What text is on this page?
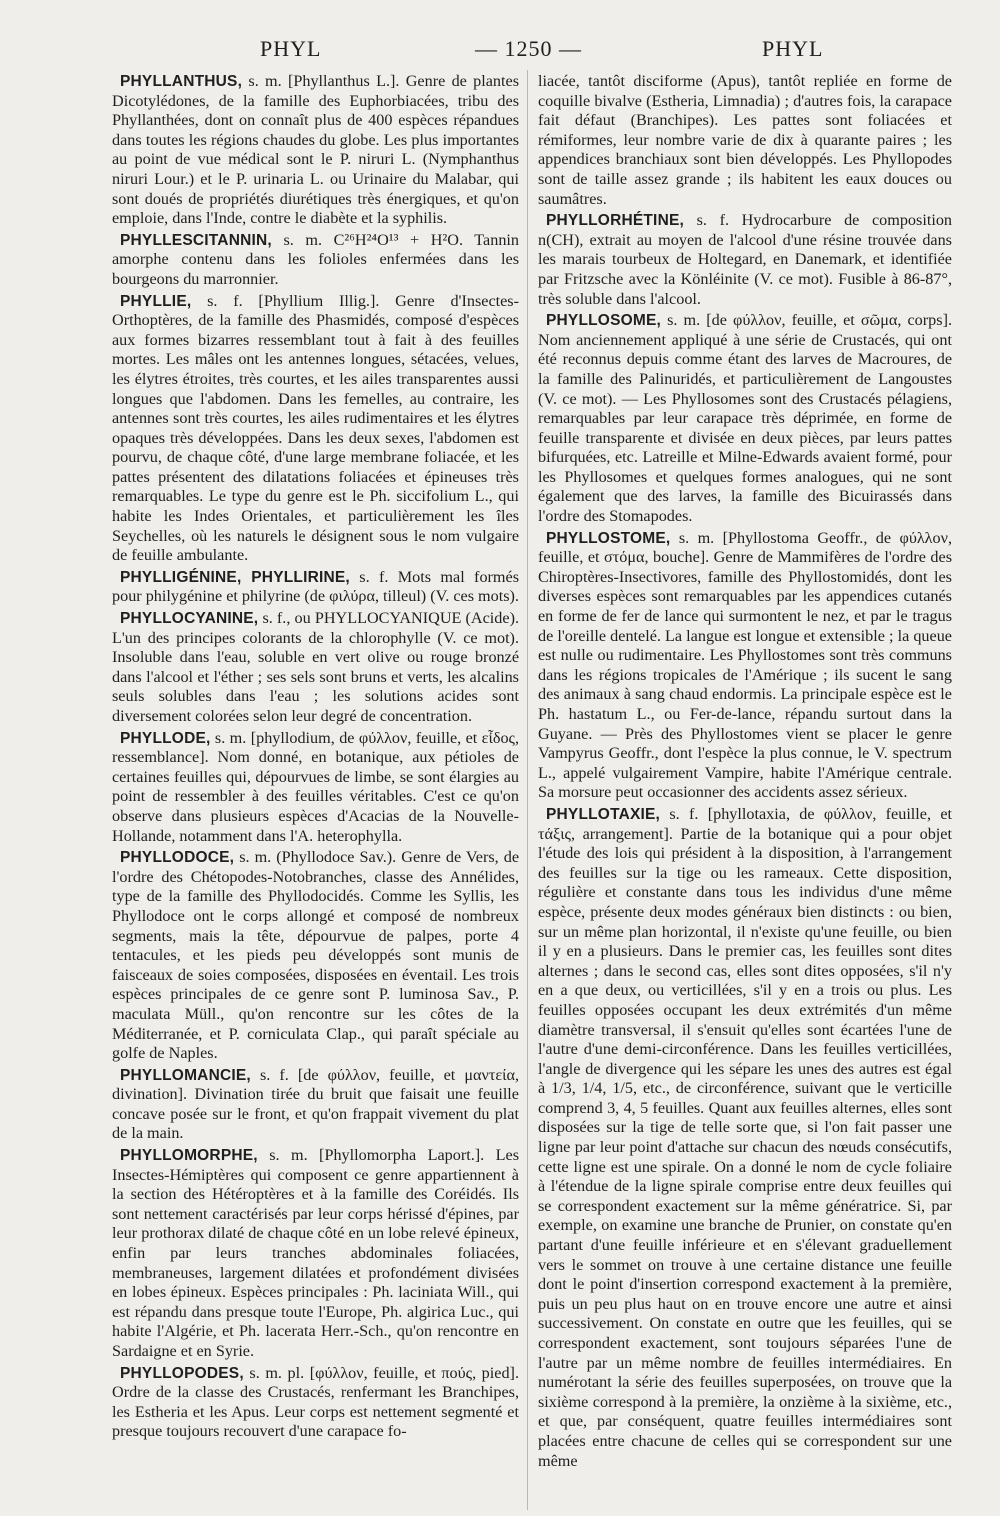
PHYL	— 1250 —	PHYL

PHYLLANTHUS, s. m. [Phyllanthus L.]. Genre de plantes Dicotylédones, de la famille des Euphorbiacées, tribu des Phyllanthées, dont on connaît plus de 400 espèces répandues dans toutes les régions chaudes du globe. Les plus importantes au point de vue médical sont le P. niruri L. (Nymphanthus niruri Lour.) et le P. urinaria L. ou Urinaire du Malabar, qui sont doués de propriétés diurétiques très énergiques, et qu'on emploie, dans l'Inde, contre le diabète et la syphilis.

PHYLLESCITANNIN, s. m. C²⁶H²⁴O¹³ + H²O. Tannin amorphe contenu dans les folioles enfermées dans les bourgeons du marronnier.

PHYLLIE, s. f. [Phyllium Illig.]. Genre d'Insectes-Orthoptères, de la famille des Phasmidés, composé d'espèces aux formes bizarres ressemblant tout à fait à des feuilles mortes. Les mâles ont les antennes longues, sétacées, velues, les élytres étroites, très courtes, et les ailes transparentes aussi longues que l'abdomen. Dans les femelles, au contraire, les antennes sont très courtes, les ailes rudimentaires et les élytres opaques très développées. Dans les deux sexes, l'abdomen est pourvu, de chaque côté, d'une large membrane foliacée, et les pattes présentent des dilatations foliacées et épineuses très remarquables. Le type du genre est le Ph. siccifolium L., qui habite les Indes Orientales, et particulièrement les îles Seychelles, où les naturels le désignent sous le nom vulgaire de feuille ambulante.

PHYLLIGÉNINE, PHYLLIRINE, s. f. Mots mal formés pour philygénine et philyrine (de φιλύρα, tilleul) (V. ces mots).

PHYLLOCYANINE, s. f., ou PHYLLOCYANIQUE (Acide). L'un des principes colorants de la chlorophylle (V. ce mot). Insoluble dans l'eau, soluble en vert olive ou rouge bronzé dans l'alcool et l'éther ; ses sels sont bruns et verts, les alcalins seuls solubles dans l'eau ; les solutions acides sont diversement colorées selon leur degré de concentration.

PHYLLODE, s. m. [phyllodium, de φύλλον, feuille, et εἶδος, ressemblance]. Nom donné, en botanique, aux pétioles de certaines feuilles qui, dépourvues de limbe, se sont élargies au point de ressembler à des feuilles véritables. C'est ce qu'on observe dans plusieurs espèces d'Acacias de la Nouvelle-Hollande, notamment dans l'A. heterophylla.

PHYLLODOCE, s. m. (Phyllodoce Sav.). Genre de Vers, de l'ordre des Chétopodes-Notobranches, classe des Annélides, type de la famille des Phyllodocidés. Comme les Syllis, les Phyllodoce ont le corps allongé et composé de nombreux segments, mais la tête, dépourvue de palpes, porte 4 tentacules, et les pieds peu développés sont munis de faisceaux de soies composées, disposées en éventail. Les trois espèces principales de ce genre sont P. luminosa Sav., P. maculata Müll., qu'on rencontre sur les côtes de la Méditerranée, et P. corniculata Clap., qui paraît spéciale au golfe de Naples.

PHYLLOMANCIE, s. f. [de φύλλον, feuille, et μαντεία, divination]. Divination tirée du bruit que faisait une feuille concave posée sur le front, et qu'on frappait vivement du plat de la main.

PHYLLOMORPHE, s. m. [Phyllomorpha Laport.]. Les Insectes-Hémiptères qui composent ce genre appartiennent à la section des Hétéroptères et à la famille des Coréidés. Ils sont nettement caractérisés par leur corps hérissé d'épines, par leur prothorax dilaté de chaque côté en un lobe relevé épineux, enfin par leurs tranches abdominales foliacées, membraneuses, largement dilatées et profondément divisées en lobes épineux. Espèces principales : Ph. laciniata Will., qui est répandu dans presque toute l'Europe, Ph. algirica Luc., qui habite l'Algérie, et Ph. lacerata Herr.-Sch., qu'on rencontre en Sardaigne et en Syrie.

PHYLLOPODES, s. m. pl. [φύλλον, feuille, et πούς, pied]. Ordre de la classe des Crustacés, renfermant les Branchipes, les Estheria et les Apus. Leur corps est nettement segmenté et presque toujours recouvert d'une carapace fo-

liacée, tantôt disciforme (Apus), tantôt repliée en forme de coquille bivalve (Estheria, Limnadia) ; d'autres fois, la carapace fait défaut (Branchipes). Les pattes sont foliacées et rémiformes, leur nombre varie de dix à quarante paires ; les appendices branchiaux sont bien développés. Les Phyllopodes sont de taille assez grande ; ils habitent les eaux douces ou saumâtres.

PHYLLORHÉTINE, s. f. Hydrocarbure de composition n(CH), extrait au moyen de l'alcool d'une résine trouvée dans les marais tourbeux de Holtegard, en Danemark, et identifiée par Fritzsche avec la Könléinite (V. ce mot). Fusible à 86-87°, très soluble dans l'alcool.

PHYLLOSOME, s. m. [de φύλλον, feuille, et σῶμα, corps]. Nom anciennement appliqué à une série de Crustacés, qui ont été reconnus depuis comme étant des larves de Macroures, de la famille des Palinuridés, et particulièrement de Langoustes (V. ce mot). — Les Phyllosomes sont des Crustacés pélagiens, remarquables par leur carapace très déprimée, en forme de feuille transparente et divisée en deux pièces, par leurs pattes bifurquées, etc. Latreille et Milne-Edwards avaient formé, pour les Phyllosomes et quelques formes analogues, qui ne sont également que des larves, la famille des Bicuirassés dans l'ordre des Stomapodes.

PHYLLOSTOME, s. m. [Phyllostoma Geoffr., de φύλλον, feuille, et στόμα, bouche]. Genre de Mammifères de l'ordre des Chiroptères-Insectivores, famille des Phyllostomidés, dont les diverses espèces sont remarquables par les appendices cutanés en forme de fer de lance qui surmontent le nez, et par le tragus de l'oreille dentelé. La langue est longue et extensible ; la queue est nulle ou rudimentaire. Les Phyllostomes sont très communs dans les régions tropicales de l'Amérique ; ils sucent le sang des animaux à sang chaud endormis. La principale espèce est le Ph. hastatum L., ou Fer-de-lance, répandu surtout dans la Guyane. — Près des Phyllostomes vient se placer le genre Vampyrus Geoffr., dont l'espèce la plus connue, le V. spectrum L., appelé vulgairement Vampire, habite l'Amérique centrale. Sa morsure peut occasionner des accidents assez sérieux.

PHYLLOTAXIE, s. f. [phyllotaxia, de φύλλον, feuille, et τάξις, arrangement]. Partie de la botanique qui a pour objet l'étude des lois qui président à la disposition, à l'arrangement des feuilles sur la tige ou les rameaux. Cette disposition, régulière et constante dans tous les individus d'une même espèce, présente deux modes généraux bien distincts : ou bien, sur un même plan horizontal, il n'existe qu'une feuille, ou bien il y en a plusieurs. Dans le premier cas, les feuilles sont dites alternes ; dans le second cas, elles sont dites opposées, s'il n'y en a que deux, ou verticillées, s'il y en a trois ou plus. Les feuilles opposées occupant les deux extrémités d'un même diamètre transversal, il s'ensuit qu'elles sont écartées l'une de l'autre d'une demi-circonférence. Dans les feuilles verticillées, l'angle de divergence qui les sépare les unes des autres est égal à 1/3, 1/4, 1/5, etc., de circonférence, suivant que le verticille comprend 3, 4, 5 feuilles. Quant aux feuilles alternes, elles sont disposées sur la tige de telle sorte que, si l'on fait passer une ligne par leur point d'attache sur chacun des nœuds consécutifs, cette ligne est une spirale. On a donné le nom de cycle foliaire à l'étendue de la ligne spirale comprise entre deux feuilles qui se correspondent exactement sur la même génératrice. Si, par exemple, on examine une branche de Prunier, on constate qu'en partant d'une feuille inférieure et en s'élevant graduellement vers le sommet on trouve à une certaine distance une feuille dont le point d'insertion correspond exactement à la première, puis un peu plus haut on en trouve encore une autre et ainsi successivement. On constate en outre que les feuilles, qui se correspondent exactement, sont toujours séparées l'une de l'autre par un même nombre de feuilles intermédiaires. En numérotant la série des feuilles superposées, on trouve que la sixième correspond à la première, la onzième à la sixième, etc., et que, par conséquent, quatre feuilles intermédiaires sont placées entre chacune de celles qui se correspondent sur une même
